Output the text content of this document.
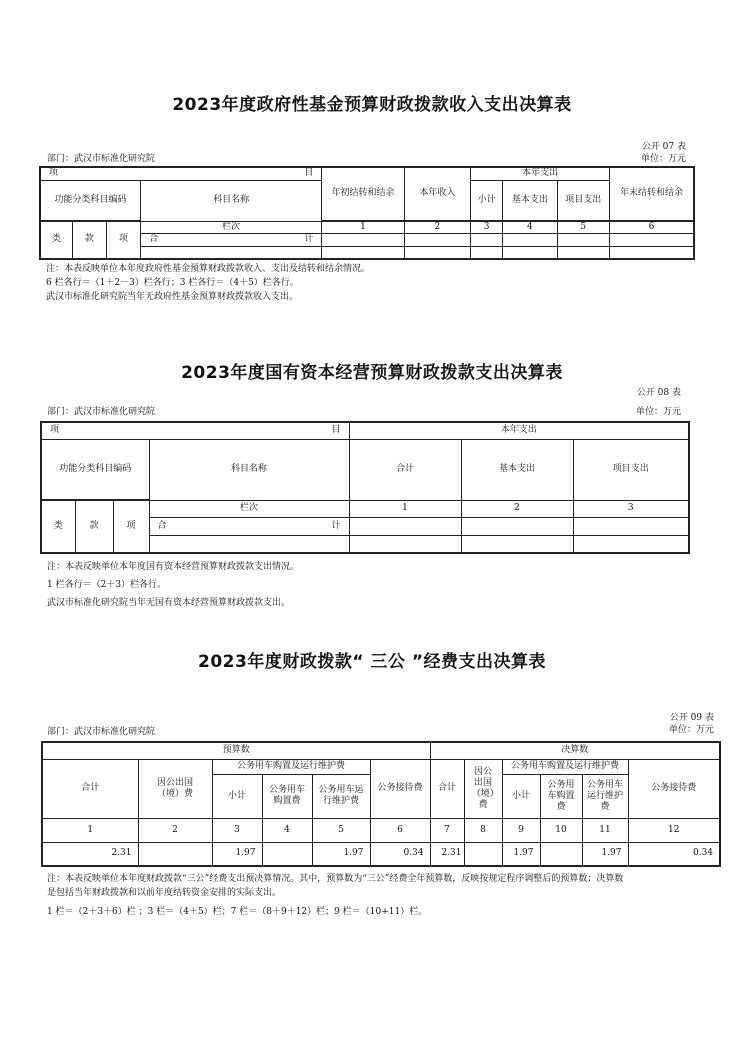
2023年度政府性基金预算财政拨款收入支出决算表
公开 07 表
部门：武汉市标准化研究院	单位：万元
项 目				年初结转和结余	本年收入	本年支出			年末结转和结余
功能分类科目编码			科目名称			小计	基本支出	项目支出	

类	款	项	栏次	1	2	3	4	5	6

			合 计						

注：本表反映单位本年度政府性基金预算财政拨款收入、支出及结转和结余情况。
6 栏各行＝（1＋2－3）栏各行；3 栏各行＝（4＋5）栏各行。
武汉市标准化研究院当年无政府性基金预算财政拨款收入支出。
2023年度国有资本经营预算财政拨款支出决算表
公开 08 表
部门：武汉市标准化研究院	单位：万元
项 目				本年支出		
功能分类科目编码			科目名称	合计	基本支出	项目支出

类	款	项	栏次	1	2	3

			合 计			

注：本表反映单位本年度国有资本经营预算财政拨款支出情况。
1 栏各行＝（2＋3）栏各行。
武汉市标准化研究院当年无国有资本经营预算财政拨款支出。
2023年度财政拨款“ 三公 ”经费支出决算表
公开 09 表
部门：武汉市标准化研究院	单位：万元
预算数						决算数					
合计	因公出国（境）费	公务用车购置及运行维护费			公务接待费	合计	因公出国（境）费	公务用车购置及运行维护费			公务接待费
		小计	公务用车购置费	公务用车运行维护费				小计	公务用车购置费	公务用车运行维护费	
1	2	3	4	5	6	7	8	9	10	11	12
2.31		1.97		1.97	0.34	2.31		1.97		1.97	0.34
注：本表反映单位本年度财政拨款“三公”经费支出预决算情况。其中，预算数为“三公”经费全年预算数，反映按规定程序调整后的预算数；决算数
是包括当年财政拨款和以前年度结转资金安排的实际支出。
1 栏＝（2＋3＋6）栏 ；3 栏＝（4＋5）栏；7 栏＝（8＋9＋12）栏；9 栏＝（10+11）栏。
